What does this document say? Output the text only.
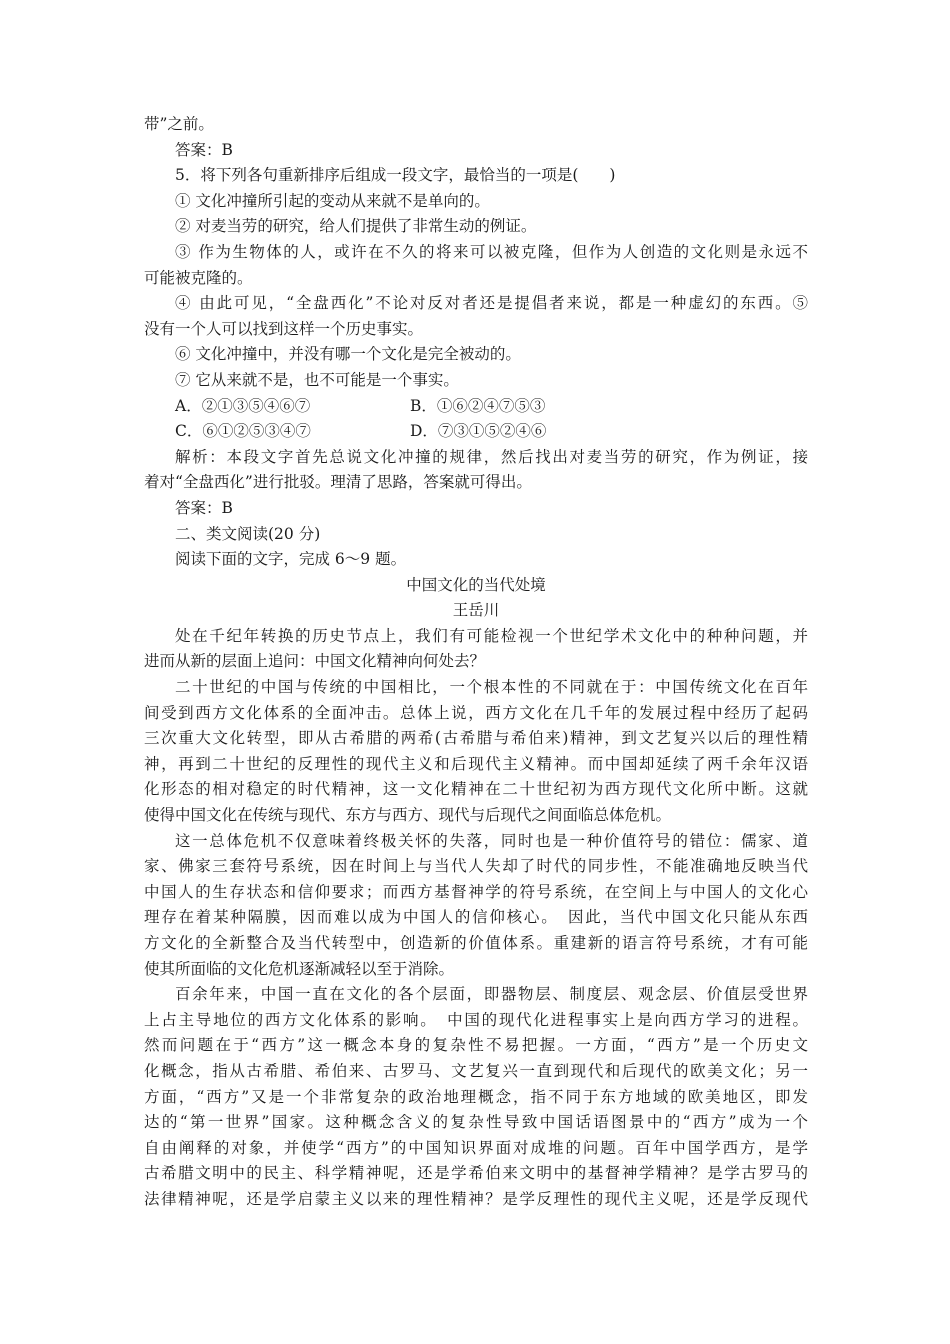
带”之前。
答案：B
5．将下列各句重新排序后组成一段文字，最恰当的一项是(　　)
① 文化冲撞所引起的变动从来就不是单向的。
② 对麦当劳的研究，给人们提供了非常生动的例证。
③ 作为生物体的人，或许在不久的将来可以被克隆，但作为人创造的文化则是永远不
可能被克隆的。
④ 由此可见，“全盘西化”不论对反对者还是提倡者来说，都是一种虚幻的东西。⑤
没有一个人可以找到这样一个历史事实。
⑥ 文化冲撞中，并没有哪一个文化是完全被动的。
⑦ 它从来就不是，也不可能是一个事实。
A．②①③⑤④⑥⑦	B．①⑥②④⑦⑤③
C．⑥①②⑤③④⑦	D．⑦③①⑤②④⑥
解析：本段文字首先总说文化冲撞的规律，然后找出对麦当劳的研究，作为例证，接
着对“全盘西化”进行批驳。理清了思路，答案就可得出。
答案：B
二、类文阅读(20 分)
阅读下面的文字，完成 6～9 题。
中国文化的当代处境
王岳川
处在千纪年转换的历史节点上，我们有可能检视一个世纪学术文化中的种种问题，并
进而从新的层面上追问：中国文化精神向何处去？
二十世纪的中国与传统的中国相比，一个根本性的不同就在于：中国传统文化在百年
间受到西方文化体系的全面冲击。总体上说，西方文化在几千年的发展过程中经历了起码
三次重大文化转型，即从古希腊的两希(古希腊与希伯来)精神，到文艺复兴以后的理性精
神，再到二十世纪的反理性的现代主义和后现代主义精神。而中国却延续了两千余年汉语
化形态的相对稳定的时代精神，这一文化精神在二十世纪初为西方现代文化所中断。这就
使得中国文化在传统与现代、东方与西方、现代与后现代之间面临总体危机。
这一总体危机不仅意味着终极关怀的失落，同时也是一种价值符号的错位：儒家、道
家、佛家三套符号系统，因在时间上与当代人失却了时代的同步性，不能准确地反映当代
中国人的生存状态和信仰要求；而西方基督神学的符号系统，在空间上与中国人的文化心
理存在着某种隔膜，因而难以成为中国人的信仰核心。　因此，当代中国文化只能从东西
方文化的全新整合及当代转型中，创造新的价值体系。重建新的语言符号系统，才有可能
使其所面临的文化危机逐渐减轻以至于消除。
百余年来，中国一直在文化的各个层面，即器物层、制度层、观念层、价值层受世界
上占主导地位的西方文化体系的影响。　中国的现代化进程事实上是向西方学习的进程。
然而问题在于“西方”这一概念本身的复杂性不易把握。一方面，“西方”是一个历史文
化概念，指从古希腊、希伯来、古罗马、文艺复兴一直到现代和后现代的欧美文化；另一
方面，“西方”又是一个非常复杂的政治地理概念，指不同于东方地域的欧美地区，即发
达的“第一世界”国家。这种概念含义的复杂性导致中国话语图景中的“西方”成为一个
自由阐释的对象，并使学“西方”的中国知识界面对成堆的问题。百年中国学西方，是学
古希腊文明中的民主、科学精神呢，还是学希伯来文明中的基督神学精神？是学古罗马的
法律精神呢，还是学启蒙主义以来的理性精神？是学反理性的现代主义呢，还是学反现代
